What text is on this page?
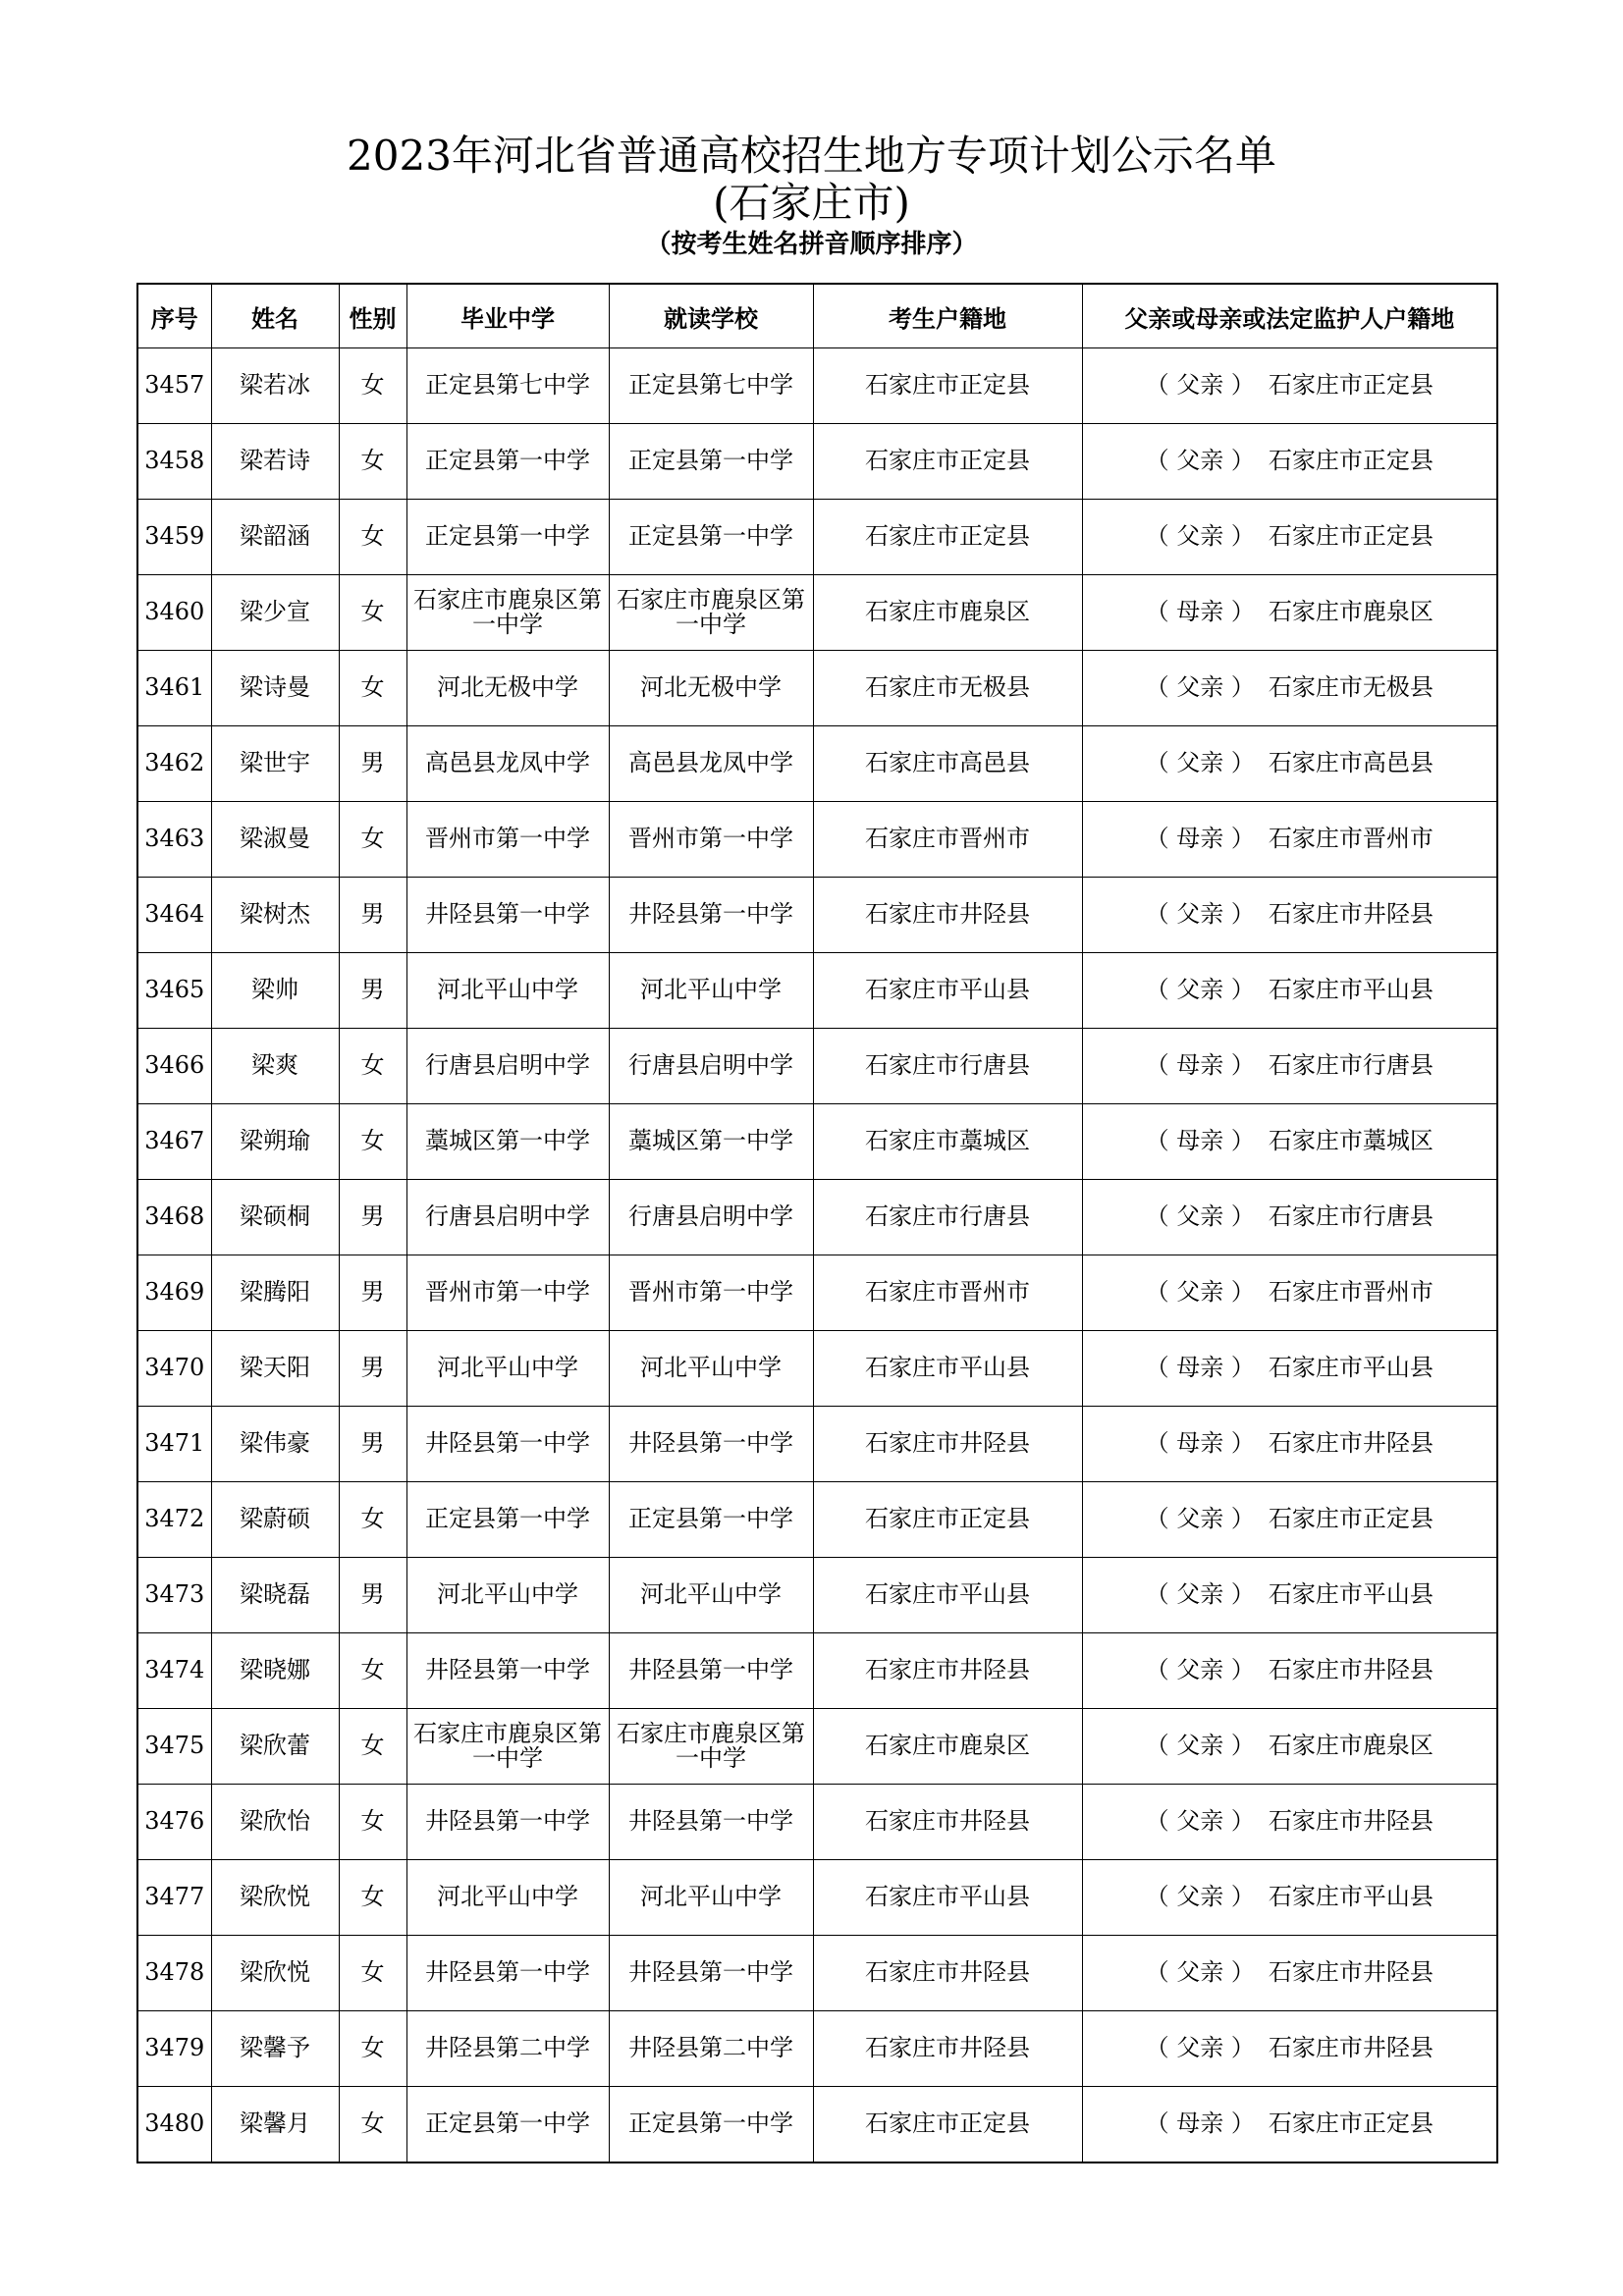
2023年河北省普通高校招生地方专项计划公示名单
(石家庄市)
（按考生姓名拼音顺序排序）
序号	姓名	性别	毕业中学	就读学校	考生户籍地	父亲或母亲或法定监护人户籍地
3457	梁若冰	女	正定县第七中学	正定县第七中学	石家庄市正定县	（ 父亲 ） 石家庄市正定县
3458	梁若诗	女	正定县第一中学	正定县第一中学	石家庄市正定县	（ 父亲 ） 石家庄市正定县
3459	梁韶涵	女	正定县第一中学	正定县第一中学	石家庄市正定县	（ 父亲 ） 石家庄市正定县
3460	梁少宣	女	石家庄市鹿泉区第一中学	石家庄市鹿泉区第一中学	石家庄市鹿泉区	（ 母亲 ） 石家庄市鹿泉区
3461	梁诗曼	女	河北无极中学	河北无极中学	石家庄市无极县	（ 父亲 ） 石家庄市无极县
3462	梁世宇	男	高邑县龙凤中学	高邑县龙凤中学	石家庄市高邑县	（ 父亲 ） 石家庄市高邑县
3463	梁淑曼	女	晋州市第一中学	晋州市第一中学	石家庄市晋州市	（ 母亲 ） 石家庄市晋州市
3464	梁树杰	男	井陉县第一中学	井陉县第一中学	石家庄市井陉县	（ 父亲 ） 石家庄市井陉县
3465	梁帅	男	河北平山中学	河北平山中学	石家庄市平山县	（ 父亲 ） 石家庄市平山县
3466	梁爽	女	行唐县启明中学	行唐县启明中学	石家庄市行唐县	（ 母亲 ） 石家庄市行唐县
3467	梁朔瑜	女	藁城区第一中学	藁城区第一中学	石家庄市藁城区	（ 母亲 ） 石家庄市藁城区
3468	梁硕桐	男	行唐县启明中学	行唐县启明中学	石家庄市行唐县	（ 父亲 ） 石家庄市行唐县
3469	梁腾阳	男	晋州市第一中学	晋州市第一中学	石家庄市晋州市	（ 父亲 ） 石家庄市晋州市
3470	梁天阳	男	河北平山中学	河北平山中学	石家庄市平山县	（ 母亲 ） 石家庄市平山县
3471	梁伟豪	男	井陉县第一中学	井陉县第一中学	石家庄市井陉县	（ 母亲 ） 石家庄市井陉县
3472	梁蔚硕	女	正定县第一中学	正定县第一中学	石家庄市正定县	（ 父亲 ） 石家庄市正定县
3473	梁晓磊	男	河北平山中学	河北平山中学	石家庄市平山县	（ 父亲 ） 石家庄市平山县
3474	梁晓娜	女	井陉县第一中学	井陉县第一中学	石家庄市井陉县	（ 父亲 ） 石家庄市井陉县
3475	梁欣蕾	女	石家庄市鹿泉区第一中学	石家庄市鹿泉区第一中学	石家庄市鹿泉区	（ 父亲 ） 石家庄市鹿泉区
3476	梁欣怡	女	井陉县第一中学	井陉县第一中学	石家庄市井陉县	（ 父亲 ） 石家庄市井陉县
3477	梁欣悦	女	河北平山中学	河北平山中学	石家庄市平山县	（ 父亲 ） 石家庄市平山县
3478	梁欣悦	女	井陉县第一中学	井陉县第一中学	石家庄市井陉县	（ 父亲 ） 石家庄市井陉县
3479	梁馨予	女	井陉县第二中学	井陉县第二中学	石家庄市井陉县	（ 父亲 ） 石家庄市井陉县
3480	梁馨月	女	正定县第一中学	正定县第一中学	石家庄市正定县	（ 母亲 ） 石家庄市正定县
